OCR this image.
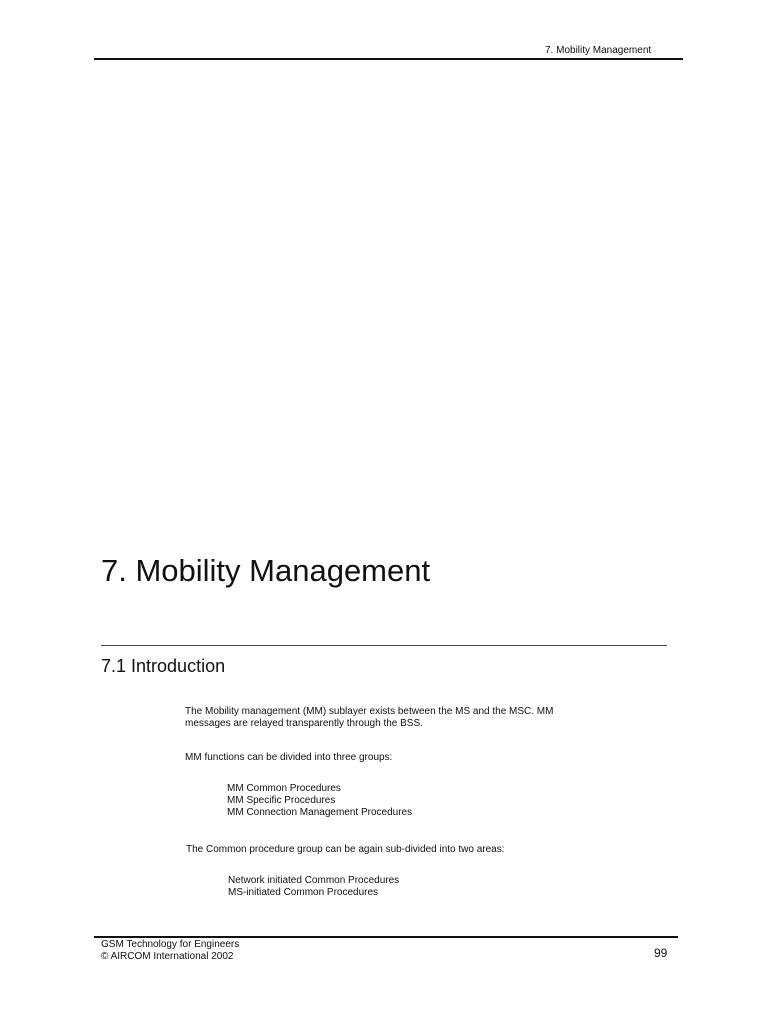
7. Mobility Management
7. Mobility Management
7.1 Introduction
The Mobility management (MM) sublayer exists between the MS and the MSC. MM
messages are relayed transparently through the BSS.
MM functions can be divided into three groups:
MM Common Procedures
MM Specific Procedures
MM Connection Management Procedures
The Common procedure group can be again sub-divided into two areas:
Network initiated Common Procedures
MS-initiated Common Procedures
GSM Technology for Engineers
© AIRCOM International 2002	99
